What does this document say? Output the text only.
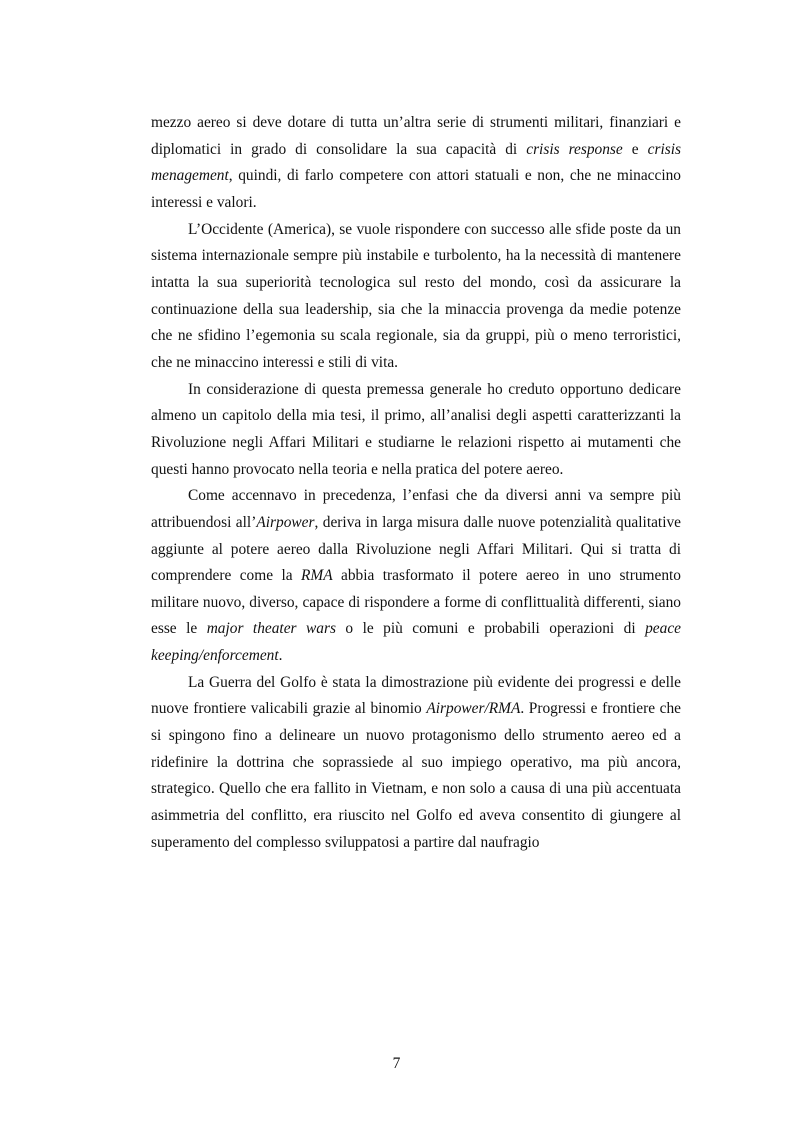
mezzo aereo si deve dotare di tutta un’altra serie di strumenti militari, finanziari e diplomatici in grado di consolidare la sua capacità di crisis response e crisis menagement, quindi, di farlo competere con attori statuali e non, che ne minaccino interessi e valori.

L’Occidente (America), se vuole rispondere con successo alle sfide poste da un sistema internazionale sempre più instabile e turbolento, ha la necessità di mantenere intatta la sua superiorità tecnologica sul resto del mondo, così da assicurare la continuazione della sua leadership, sia che la minaccia provenga da medie potenze che ne sfidino l’egemonia su scala regionale, sia da gruppi, più o meno terroristici, che ne minaccino interessi e stili di vita.

In considerazione di questa premessa generale ho creduto opportuno dedicare almeno un capitolo della mia tesi, il primo, all’analisi degli aspetti caratterizzanti la Rivoluzione negli Affari Militari e studiarne le relazioni rispetto ai mutamenti che questi hanno provocato nella teoria e nella pratica del potere aereo.

Come accennavo in precedenza, l’enfasi che da diversi anni va sempre più attribuendosi all’Airpower, deriva in larga misura dalle nuove potenzialità qualitative aggiunte al potere aereo dalla Rivoluzione negli Affari Militari. Qui si tratta di comprendere come la RMA abbia trasformato il potere aereo in uno strumento militare nuovo, diverso, capace di rispondere a forme di conflittualità differenti, siano esse le major theater wars o le più comuni e probabili operazioni di peace keeping/enforcement.

La Guerra del Golfo è stata la dimostrazione più evidente dei progressi e delle nuove frontiere valicabili grazie al binomio Airpower/RMA. Progressi e frontiere che si spingono fino a delineare un nuovo protagonismo dello strumento aereo ed a ridefinire la dottrina che soprassiede al suo impiego operativo, ma più ancora, strategico. Quello che era fallito in Vietnam, e non solo a causa di una più accentuata asimmetria del conflitto, era riuscito nel Golfo ed aveva consentito di giungere al superamento del complesso sviluppatosi a partire dal naufragio

7
